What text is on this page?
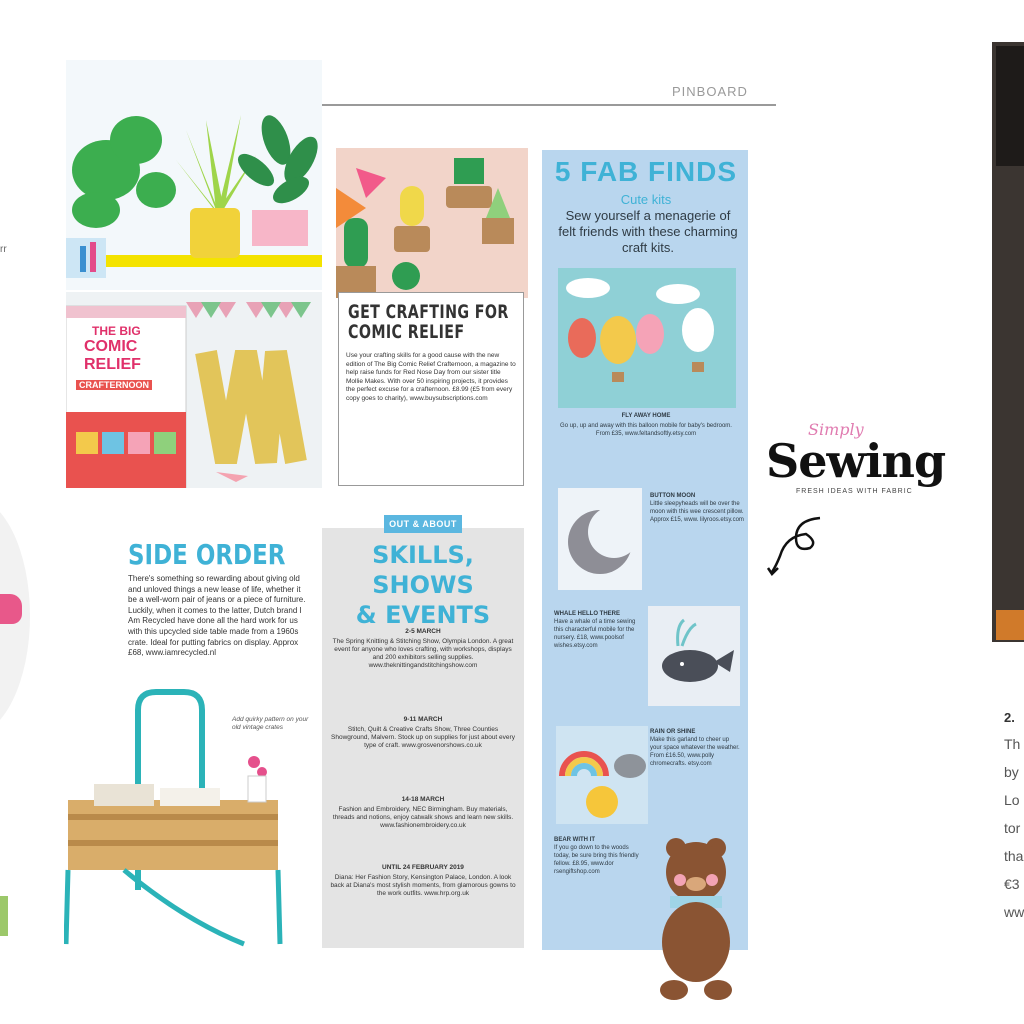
rr
PINBOARD
THE BIG
COMIC
RELIEF
CRAFTERNOON
GET CRAFTING FOR
COMIC RELIEF
Use your crafting skills for a good cause with the new edition of The Big Comic Relief Crafternoon, a magazine to help raise funds for Red Nose Day from our sister title Mollie Makes. With over 50 inspiring projects, it provides the perfect excuse for a crafternoon. £8.99 (£5 from every copy goes to charity), www.buysubscriptions.com
5 FAB FINDS
Cute kits
Sew yourself a menagerie of felt friends with these charming craft kits.
FLY AWAY HOME
Go up, up and away with this balloon mobile for baby's bedroom. From £35, www.feltandsoftly.etsy.com
BUTTON MOON
Little sleepyheads will be over the moon with this wee crescent pillow. Approx £15, www. lilyroos.etsy.com
WHALE HELLO THERE
Have a whale of a time sewing this characterful mobile for the nursery. £18, www.poolsof wishes.etsy.com
RAIN OR SHINE
Make this garland to cheer up your space whatever the weather. From £16.50, www.polly chromecrafts. etsy.com
BEAR WITH IT
If you go down to the woods today, be sure bring this friendly fellow. £8.95, www.dor rsengiftshop.com
OUT & ABOUT
SKILLS, SHOWS
& EVENTS
2-5 MARCH
The Spring Knitting & Stitching Show, Olympia London. A great event for anyone who loves crafting, with workshops, displays and 200 exhibitors selling supplies. www.theknittingandstitchingshow.com
9-11 MARCH
Stitch, Quilt & Creative Crafts Show, Three Counties Showground, Malvern. Stock up on supplies for just about every type of craft. www.grosvenorshows.co.uk
14-18 MARCH
Fashion and Embroidery, NEC Birmingham. Buy materials, threads and notions, enjoy catwalk shows and learn new skills. www.fashionembroidery.co.uk
UNTIL 24 FEBRUARY 2019
Diana: Her Fashion Story, Kensington Palace, London. A look back at Diana's most stylish moments, from glamorous gowns to the work outfits. www.hrp.org.uk
SIDE ORDER
There's something so rewarding about giving old and unloved things a new lease of life, whether it be a well-worn pair of jeans or a piece of furniture. Luckily, when it comes to the latter, Dutch brand I Am Recycled have done all the hard work for us with this upcycled side table made from a 1960s crate. Ideal for putting fabrics on display. Approx £68, www.iamrecycled.nl
Add quirky pattern on your old vintage crates
Simply
Sewing
FRESH IDEAS WITH FABRIC
2.
Th
by
Lo
tor
tha
€3
ww
